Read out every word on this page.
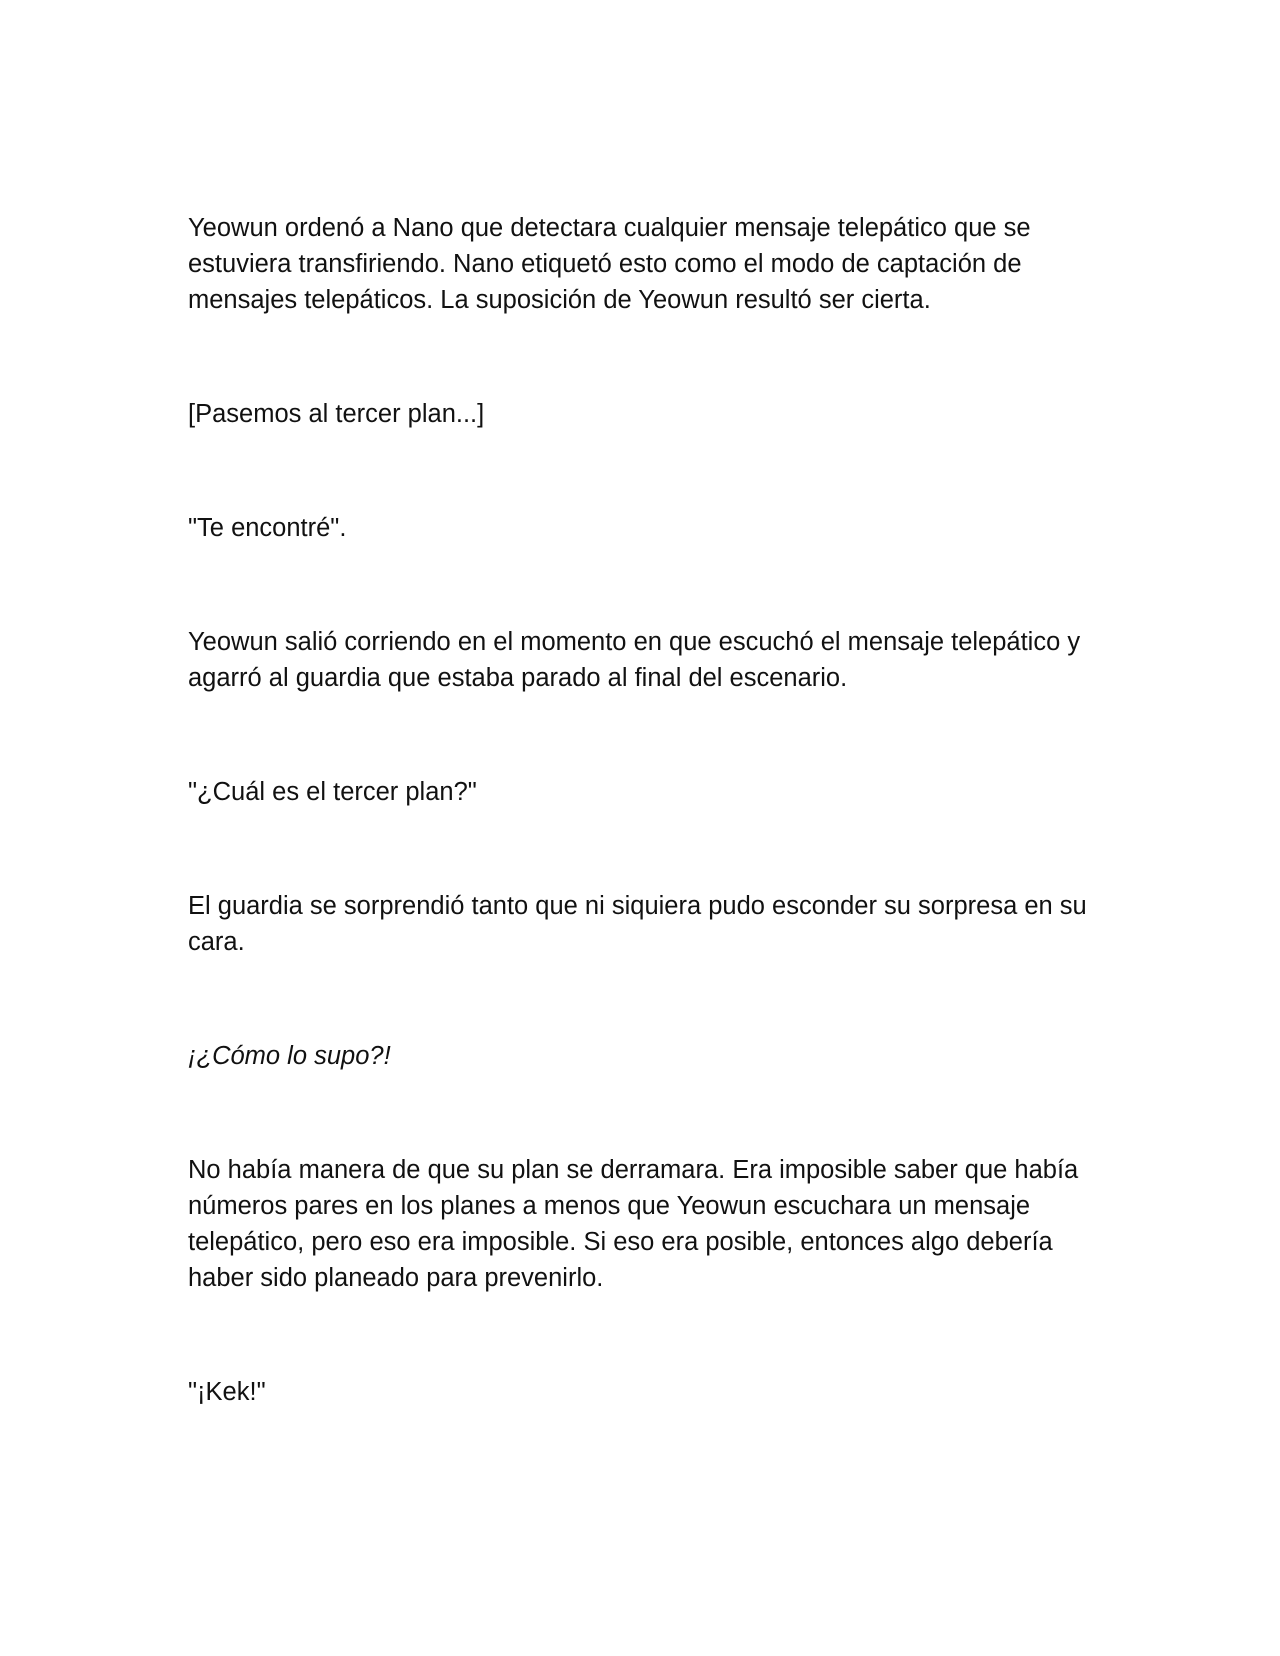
Yeowun ordenó a Nano que detectara cualquier mensaje telepático que se estuviera transfiriendo. Nano etiquetó esto como el modo de captación de mensajes telepáticos. La suposición de Yeowun resultó ser cierta.

[Pasemos al tercer plan...]

"Te encontré".

Yeowun salió corriendo en el momento en que escuchó el mensaje telepático y agarró al guardia que estaba parado al final del escenario.

"¿Cuál es el tercer plan?"

El guardia se sorprendió tanto que ni siquiera pudo esconder su sorpresa en su cara.

¡¿Cómo lo supo?!

No había manera de que su plan se derramara. Era imposible saber que había números pares en los planes a menos que Yeowun escuchara un mensaje telepático, pero eso era imposible. Si eso era posible, entonces algo debería haber sido planeado para prevenirlo.

"¡Kek!"
